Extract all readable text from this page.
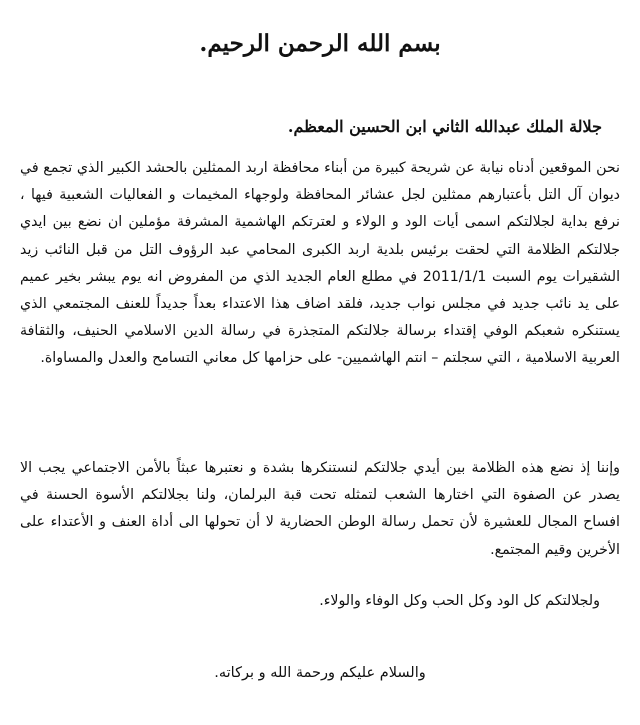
بسم الله الرحمن الرحيم.

جلالة الملك عبدالله الثاني ابن الحسين المعظم.

نحن الموقعين أدناه نيابة عن شريحة كبيرة من أبناء محافظة اربد الممثلين بالحشد الكبير الذي تجمع في ديوان آل التل بأعتبارهم ممثلين لجل عشائر المحافظة ولوجهاء المخيمات و الفعاليات الشعبية فيها ، نرفع بداية لجلالتكم اسمى أيات الود و الولاء و لعترتكم الهاشمية المشرفة مؤملين ان نضع بين ايدي جلالتكم الظلامة التي لحقت برئيس بلدية اربد الكبرى المحامي عبد الرؤوف التل من قبل النائب زيد الشقيرات يوم السبت 2011/1/1 في مطلع العام الجديد الذي من المفروض انه يوم يبشر بخير عميم على يد نائب جديد في مجلس نواب جديد، فلقد اضاف هذا الاعتداء بعداً جديداً للعنف المجتمعي الذي يستنكره شعبكم الوفي إقتداء برسالة جلالتكم المتجذرة في رسالة الدين الاسلامي الحنيف، والثقافة العربية الاسلامية ، التي سجلتم – انتم الهاشميين- على حزامها كل معاني التسامح والعدل والمساواة.

وإننا إذ نضع هذه الظلامة بين أيدي جلالتكم لنستنكرها بشدة و نعتبرها عبثاً بالأمن الاجتماعي يجب الا يصدر عن الصفوة التي اختارها الشعب لتمثله تحت قبة البرلمان، ولنا بجلالتكم الأسوة الحسنة في افساح المجال للعشيرة لأن تحمل رسالة الوطن الحضارية لا أن تحولها الى أداة العنف و الأعتداء على الأخرين وقيم المجتمع.

ولجلالتكم كل الود وكل الحب وكل الوفاء والولاء.

والسلام عليكم ورحمة الله و بركاته.
